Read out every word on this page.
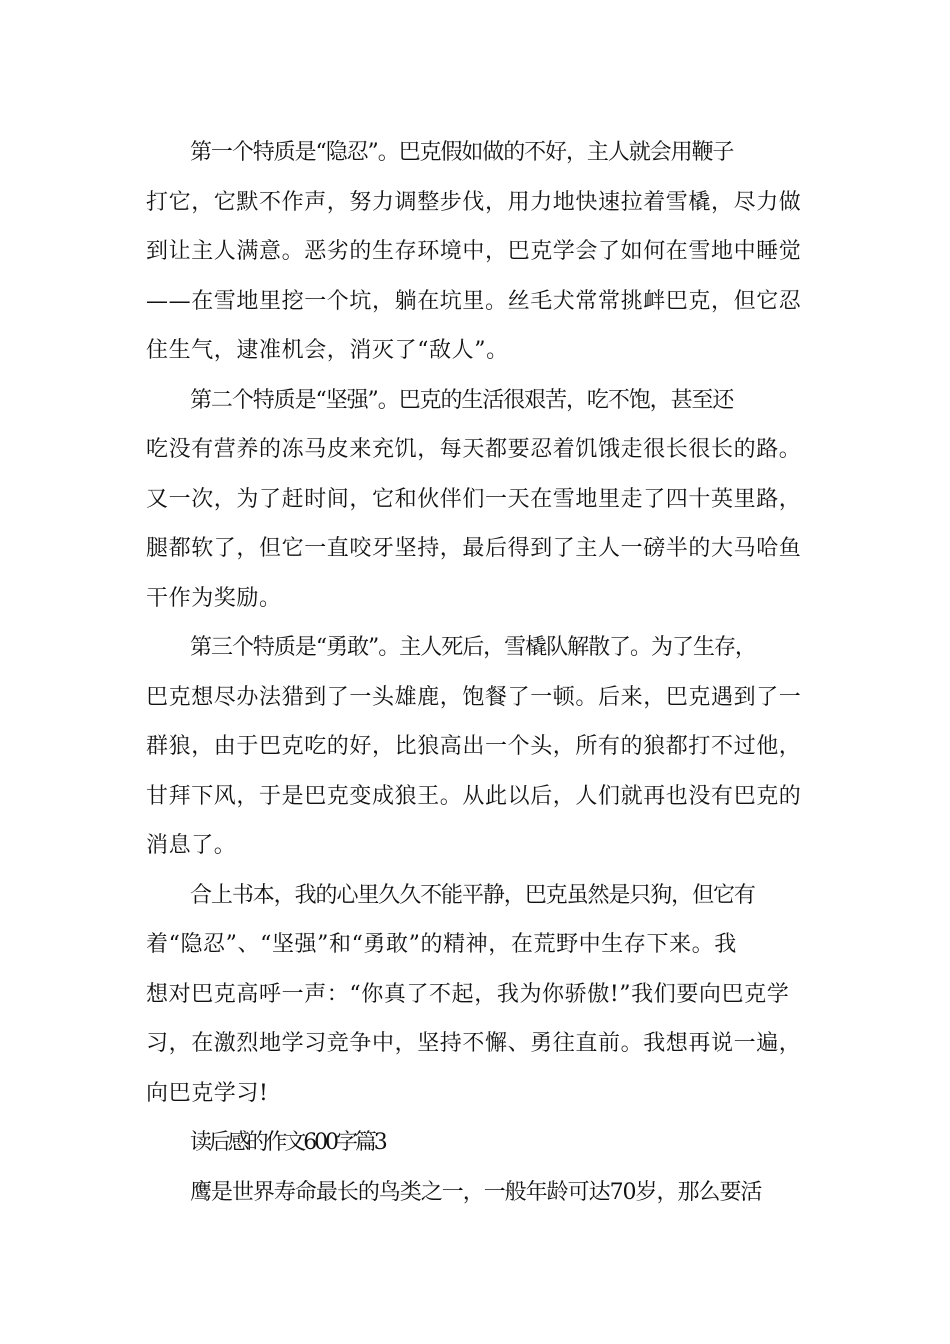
第一个特质是“隐忍”。巴克假如做的不好，主人就会用鞭子
打它，它默不作声，努力调整步伐，用力地快速拉着雪橇，尽力做
到让主人满意。恶劣的生存环境中，巴克学会了如何在雪地中睡觉
——在雪地里挖一个坑，躺在坑里。丝毛犬常常挑衅巴克，但它忍
住生气，逮准机会，消灭了“敌人”。

第二个特质是“坚强”。巴克的生活很艰苦，吃不饱，甚至还
吃没有营养的冻马皮来充饥，每天都要忍着饥饿走很长很长的路。
又一次，为了赶时间，它和伙伴们一天在雪地里走了四十英里路，
腿都软了，但它一直咬牙坚持，最后得到了主人一磅半的大马哈鱼
干作为奖励。

第三个特质是“勇敢”。主人死后，雪橇队解散了。为了生存，
巴克想尽办法猎到了一头雄鹿，饱餐了一顿。后来，巴克遇到了一
群狼，由于巴克吃的好，比狼高出一个头，所有的狼都打不过他，
甘拜下风，于是巴克变成狼王。从此以后，人们就再也没有巴克的
消息了。

合上书本，我的心里久久不能平静，巴克虽然是只狗，但它有
着“隐忍”、“坚强”和“勇敢”的精神，在荒野中生存下来。我
想对巴克高呼一声：“你真了不起，我为你骄傲!”我们要向巴克学
习，在激烈地学习竞争中，坚持不懈、勇往直前。我想再说一遍，
向巴克学习!

读后感的作文600字篇3

鹰是世界寿命最长的鸟类之一，一般年龄可达70岁，那么要活
